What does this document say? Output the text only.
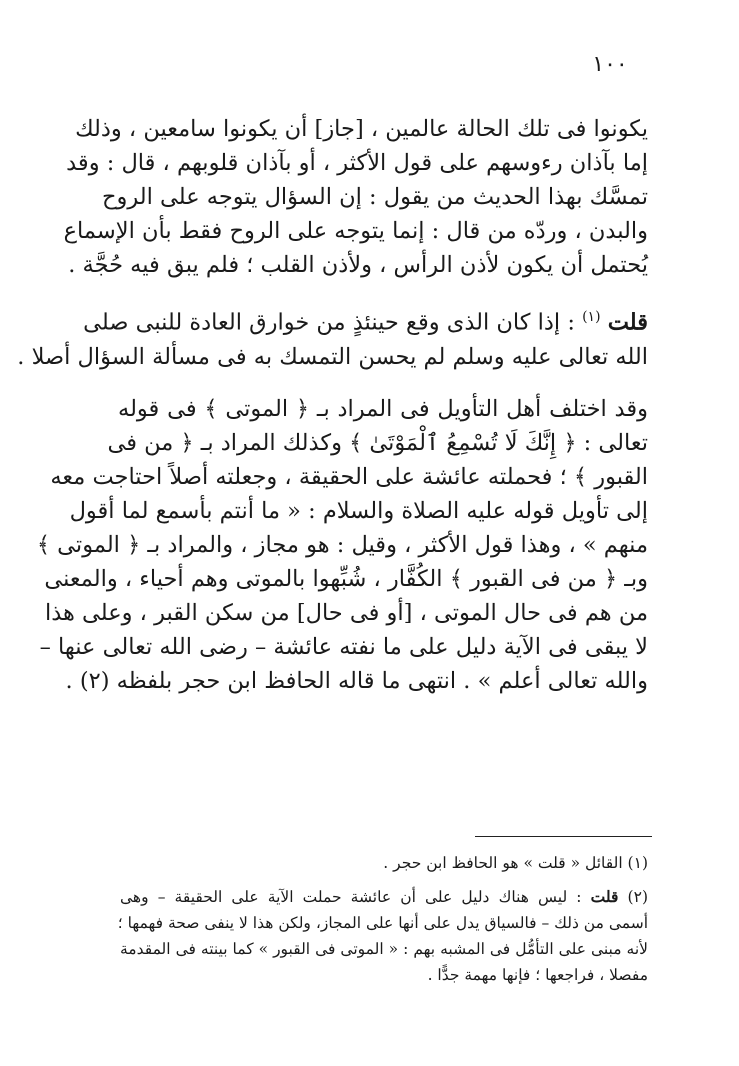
١٠٠
يكونوا فى تلك الحالة عالمين ، [جاز] أن يكونوا سامعين ، وذلك
إما بآذان رءوسهم على قول الأكثر ، أو بآذان قلوبهم ، قال : وقد
تمسَّك بهذا الحديث من يقول : إن السؤال يتوجه على الروح
والبدن ، وردّه من قال : إنما يتوجه على الروح فقط بأن الإسماع
يُحتمل أن يكون لأذن الرأس ، ولأذن القلب ؛ فلم يبق فيه حُجَّة .
قلت $^{(١)}$ : إذا كان الذى وقع حينئذٍ من خوارق العادة للنبى صلى
الله تعالى عليه وسلم لم يحسن التمسك به فى مسألة السؤال أصلا .
وقد اختلف أهل التأويل فى المراد بـ ﴿ الموتى ﴾ فى قوله
تعالى : ﴿ إِنَّكَ لَا تُسْمِعُ ٱلْمَوْتَىٰ ﴾ وكذلك المراد بـ ﴿ من فى
القبور ﴾ ؛ فحملته عائشة على الحقيقة ، وجعلته أصلاً احتاجت معه
إلى تأويل قوله عليه الصلاة والسلام : « ما أنتم بأسمع لما أقول
منهم » ، وهذا قول الأكثر ، وقيل : هو مجاز ، والمراد بـ ﴿ الموتى ﴾
وبـ ﴿ من فى القبور ﴾ الكُفَّار ، شُبِّهوا بالموتى وهم أحياء ، والمعنى
من هم فى حال الموتى ، [أو فى حال] من سكن القبر ، وعلى هذا
لا يبقى فى الآية دليل على ما نفته عائشة – رضى الله تعالى عنها –
والله تعالى أعلم » . انتهى ما قاله الحافظ ابن حجر بلفظه (٢) .
(١) القائل « قلت » هو الحافظ ابن حجر .
(٢) قلت : ليس هناك دليل على أن عائشة حملت الآية على الحقيقة – وهى
أسمى من ذلك – فالسياق يدل على أنها على المجاز، ولكن هذا لا ينفى صحة فهمها ؛
لأنه مبنى على التأمُّل فى المشبه بهم : « الموتى فى القبور » كما بينته فى المقدمة
مفصلا ، فراجعها ؛ فإنها مهمة جدًّا .
